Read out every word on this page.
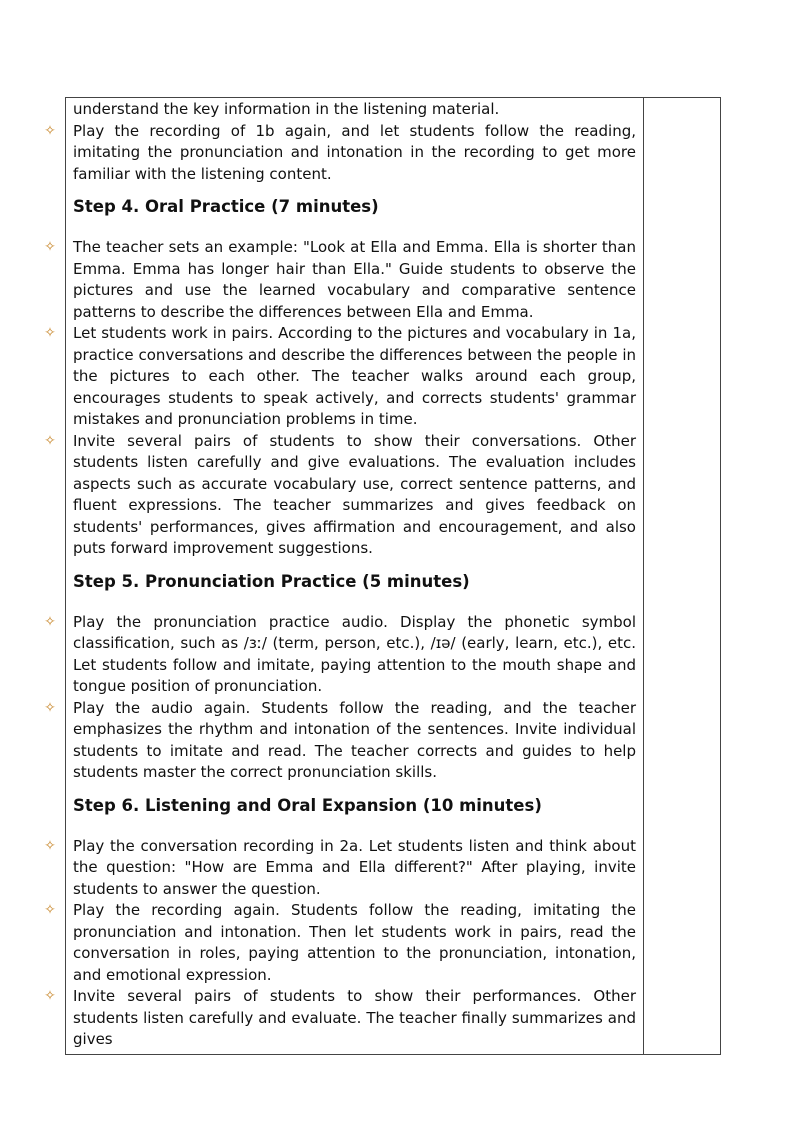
understand the key information in the listening material.

✧ Play the recording of 1b again, and let students follow the reading, imitating the pronunciation and intonation in the recording to get more familiar with the listening content.

Step 4. Oral Practice (7 minutes)
✧ The teacher sets an example: "Look at Ella and Emma. Ella is shorter than Emma. Emma has longer hair than Ella." Guide students to observe the pictures and use the learned vocabulary and comparative sentence patterns to describe the differences between Ella and Emma.

✧ Let students work in pairs. According to the pictures and vocabulary in 1a, practice conversations and describe the differences between the people in the pictures to each other. The teacher walks around each group, encourages students to speak actively, and corrects students' grammar mistakes and pronunciation problems in time.

✧ Invite several pairs of students to show their conversations. Other students listen carefully and give evaluations. The evaluation includes aspects such as accurate vocabulary use, correct sentence patterns, and fluent expressions. The teacher summarizes and gives feedback on students' performances, gives affirmation and encouragement, and also puts forward improvement suggestions.

Step 5. Pronunciation Practice (5 minutes)
✧ Play the pronunciation practice audio. Display the phonetic symbol classification, such as /ɜː/ (term, person, etc.), /ɪə/ (early, learn, etc.), etc. Let students follow and imitate, paying attention to the mouth shape and tongue position of pronunciation.

✧ Play the audio again. Students follow the reading, and the teacher emphasizes the rhythm and intonation of the sentences. Invite individual students to imitate and read. The teacher corrects and guides to help students master the correct pronunciation skills.

Step 6. Listening and Oral Expansion (10 minutes)
✧ Play the conversation recording in 2a. Let students listen and think about the question: "How are Emma and Ella different?" After playing, invite students to answer the question.

✧ Play the recording again. Students follow the reading, imitating the pronunciation and intonation. Then let students work in pairs, read the conversation in roles, paying attention to the pronunciation, intonation, and emotional expression.

✧ Invite several pairs of students to show their performances. Other students listen carefully and evaluate. The teacher finally summarizes and gives
